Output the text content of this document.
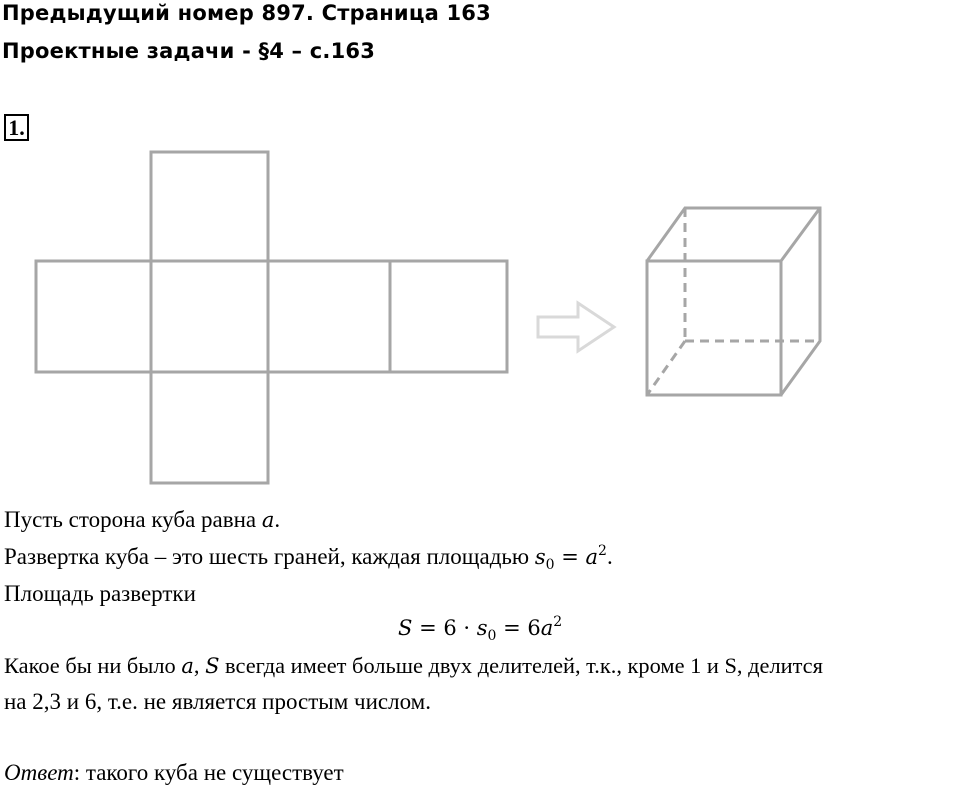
Предыдущий номер 897. Страница 163
Проектные задачи - §4 – с.163
1.

Пусть сторона куба равна a.

Развертка куба – это шесть граней, каждая площадью $s_0 = a^2$.

Площадь развертки

$S = 6 \cdot s_0 = 6a^2$

Какое бы ни было a, S всегда имеет больше двух делителей, т.к., кроме 1 и S, делится

на 2,3 и 6, т.е. не является простым числом.

Ответ: такого куба не существует
